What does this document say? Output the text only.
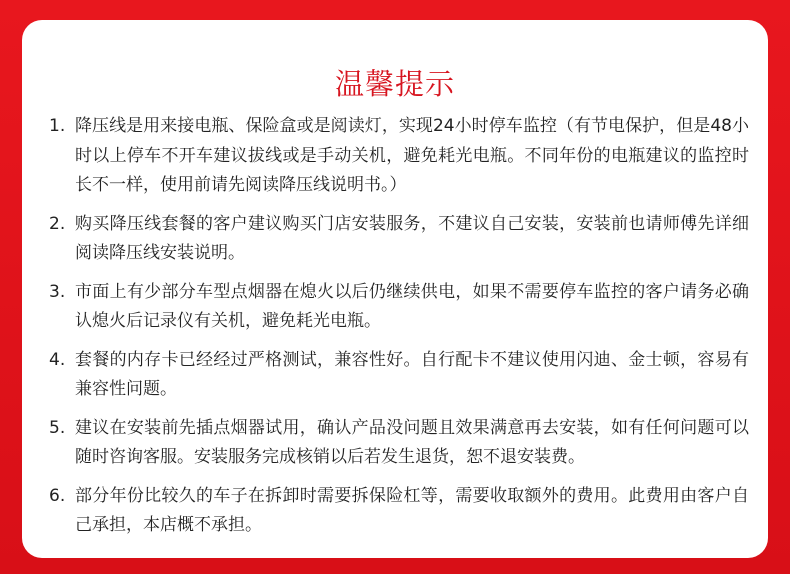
温馨提示
1. 降压线是用来接电瓶、保险盒或是阅读灯，实现24小时停车监控（有节电保护，但是48小时以上停车不开车建议拔线或是手动关机，避免耗光电瓶。不同年份的电瓶建议的监控时长不一样，使用前请先阅读降压线说明书。）
2. 购买降压线套餐的客户建议购买门店安装服务，不建议自己安装，安装前也请师傅先详细阅读降压线安装说明。
3. 市面上有少部分车型点烟器在熄火以后仍继续供电，如果不需要停车监控的客户请务必确认熄火后记录仪有关机，避免耗光电瓶。
4. 套餐的内存卡已经经过严格测试，兼容性好。自行配卡不建议使用闪迪、金士顿，容易有兼容性问题。
5. 建议在安装前先插点烟器试用，确认产品没问题且效果满意再去安装，如有任何问题可以随时咨询客服。安装服务完成核销以后若发生退货，恕不退安装费。
6. 部分年份比较久的车子在拆卸时需要拆保险杠等，需要收取额外的费用。此费用由客户自己承担，本店概不承担。
